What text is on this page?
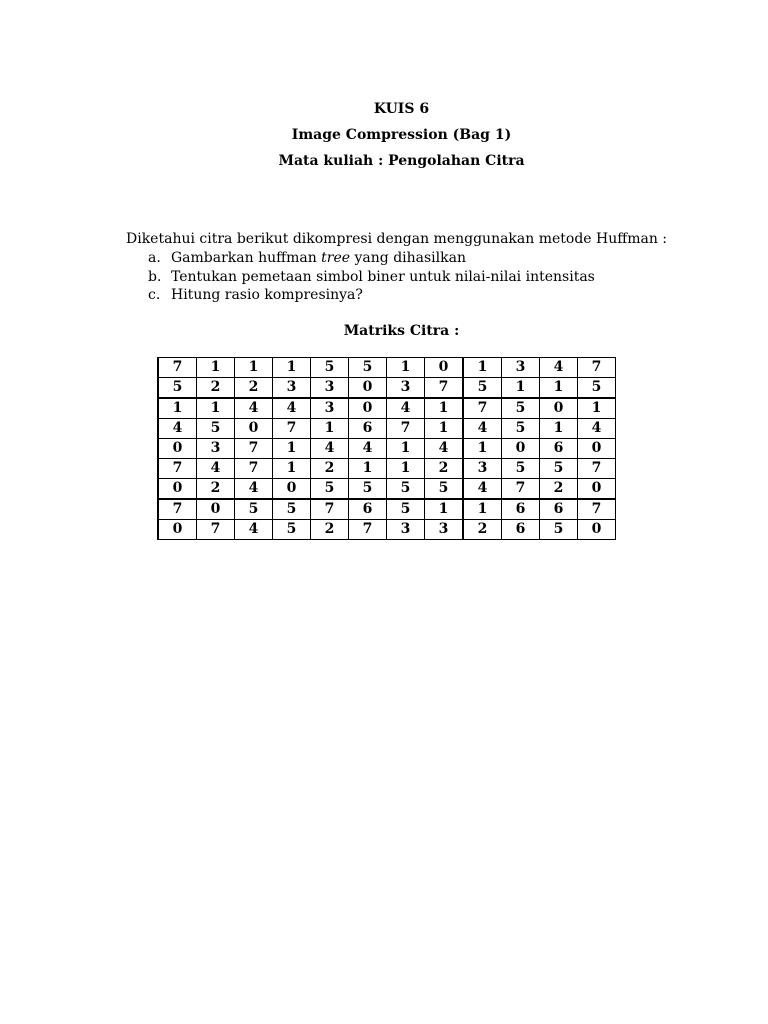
KUIS 6
Image Compression (Bag 1)
Mata kuliah : Pengolahan Citra
Diketahui citra berikut dikompresi dengan menggunakan metode Huffman :
a. Gambarkan huffman tree yang dihasilkan
b. Tentukan pemetaan simbol biner untuk nilai-nilai intensitas
c. Hitung rasio kompresinya?
Matriks Citra :
7	1	1	1	5	5	1	0	1	3	4	7
5	2	2	3	3	0	3	7	5	1	1	5
1	1	4	4	3	0	4	1	7	5	0	1
4	5	0	7	1	6	7	1	4	5	1	4
0	3	7	1	4	4	1	4	1	0	6	0
7	4	7	1	2	1	1	2	3	5	5	7
0	2	4	0	5	5	5	5	4	7	2	0
7	0	5	5	7	6	5	1	1	6	6	7
0	7	4	5	2	7	3	3	2	6	5	0
